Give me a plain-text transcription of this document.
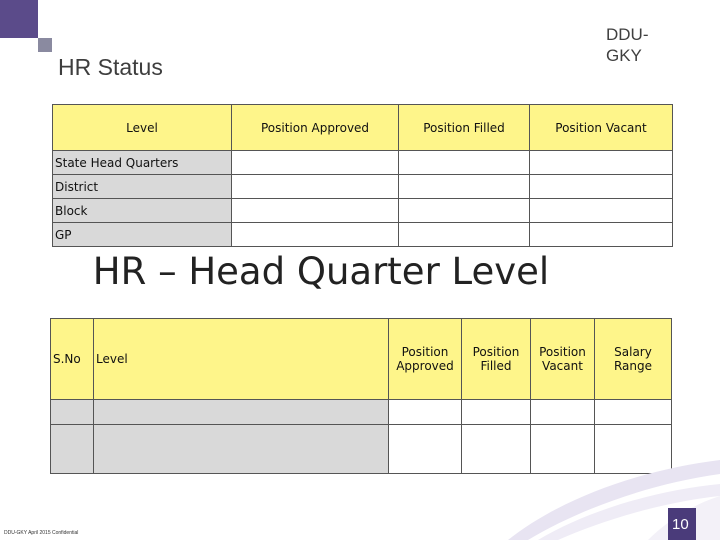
DDU-GKY
HR Status
Level	Position Approved	Position Filled	Position Vacant
State Head Quarters			
District			
Block			
GP			
HR – Head Quarter Level
S.No	Level	Position Approved	Position Filled	Position Vacant	Salary Range

DDU-GKY April 2015 Confidential	10
